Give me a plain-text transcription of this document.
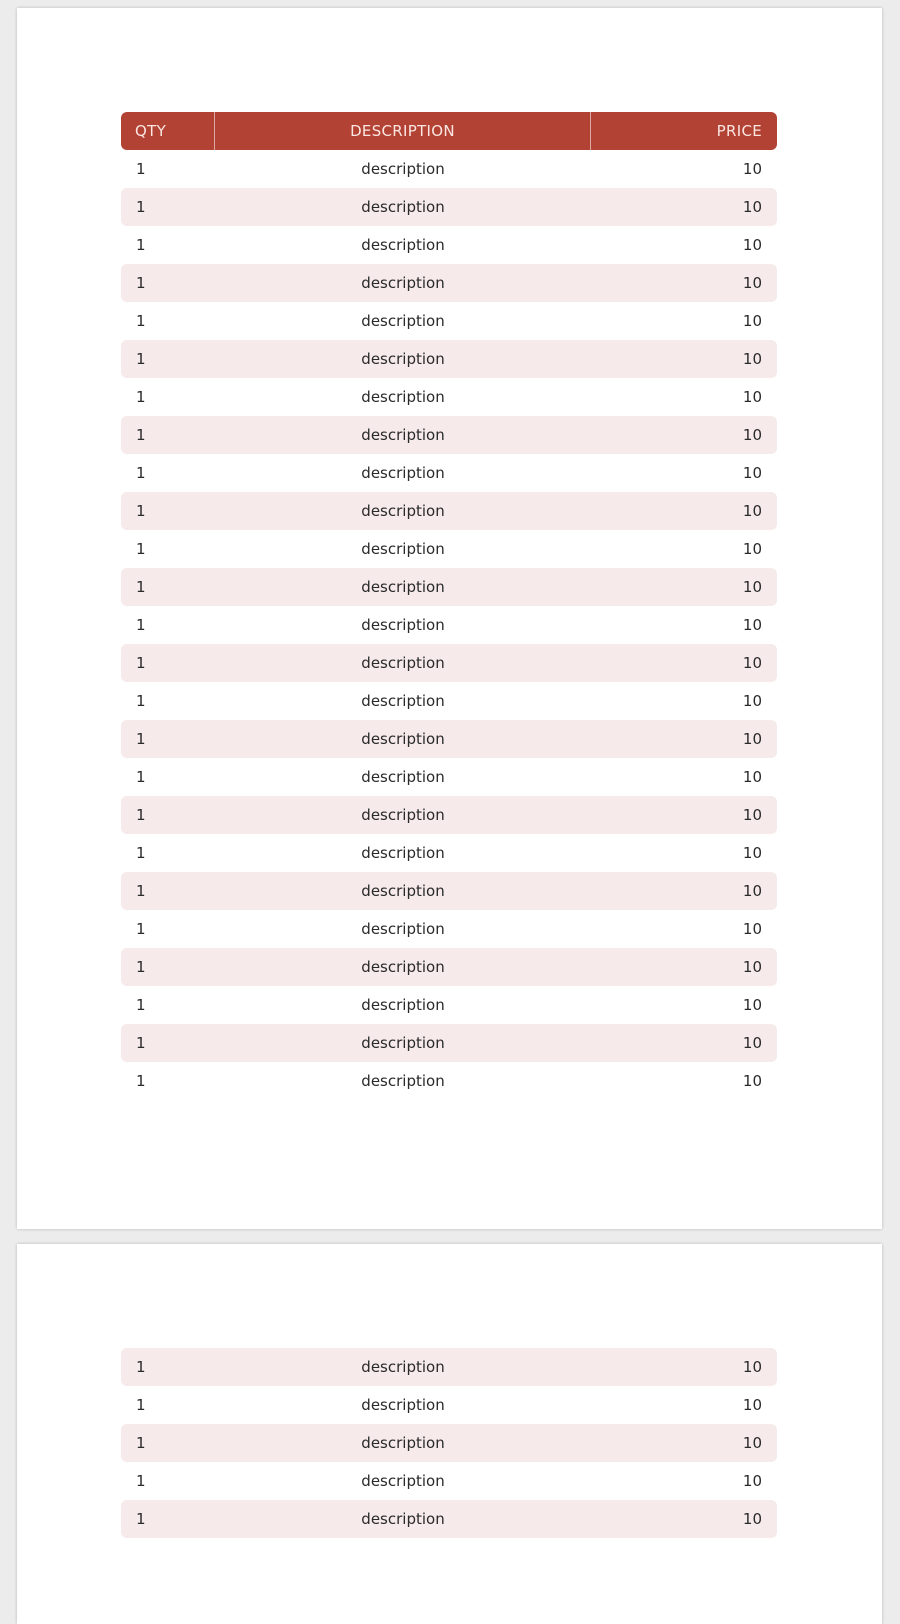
QTY	DESCRIPTION	PRICE
1	description	10
1	description	10
1	description	10
1	description	10
1	description	10
1	description	10
1	description	10
1	description	10
1	description	10
1	description	10
1	description	10
1	description	10
1	description	10
1	description	10
1	description	10
1	description	10
1	description	10
1	description	10
1	description	10
1	description	10
1	description	10
1	description	10
1	description	10
1	description	10
1	description	10
1	description	10
1	description	10
1	description	10
1	description	10
1	description	10
